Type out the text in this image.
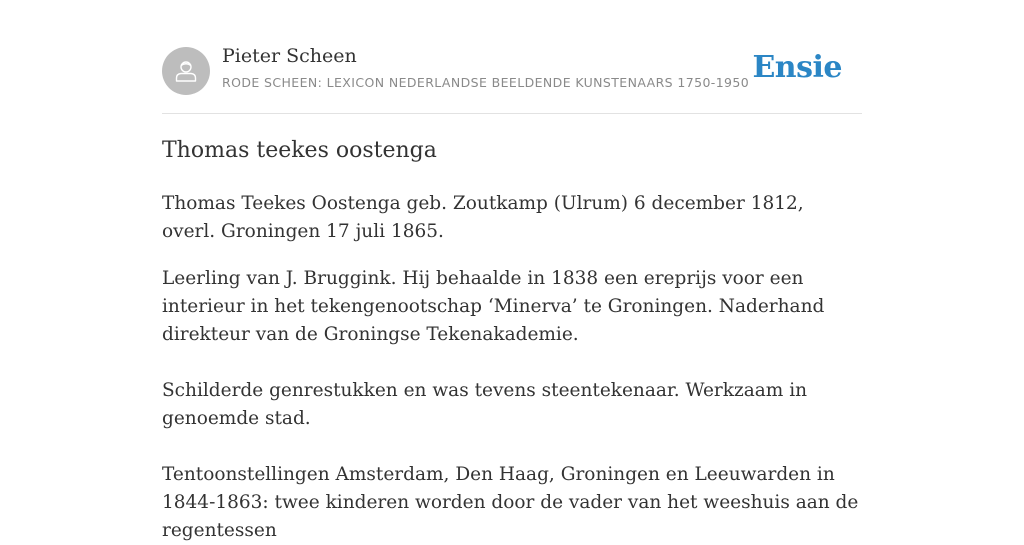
Pieter Scheen
RODE SCHEEN: LEXICON NEDERLANDSE BEELDENDE KUNSTENAARS 1750-1950 Ensie
Thomas teekes oostenga

Thomas Teekes Oostenga geb. Zoutkamp (Ulrum) 6 december 1812, overl. Groningen 17 juli 1865.

Leerling van J. Bruggink. Hij behaalde in 1838 een ereprijs voor een interieur in het tekengenootschap ‘Minerva’ te Groningen. Naderhand direkteur van de Groningse Tekenakademie.

Schilderde genrestukken en was tevens steentekenaar. Werkzaam in genoemde stad.

Tentoonstellingen Amsterdam, Den Haag, Groningen en Leeuwarden in 1844-1863: twee kinderen worden door de vader van het weeshuis aan de regentessen
